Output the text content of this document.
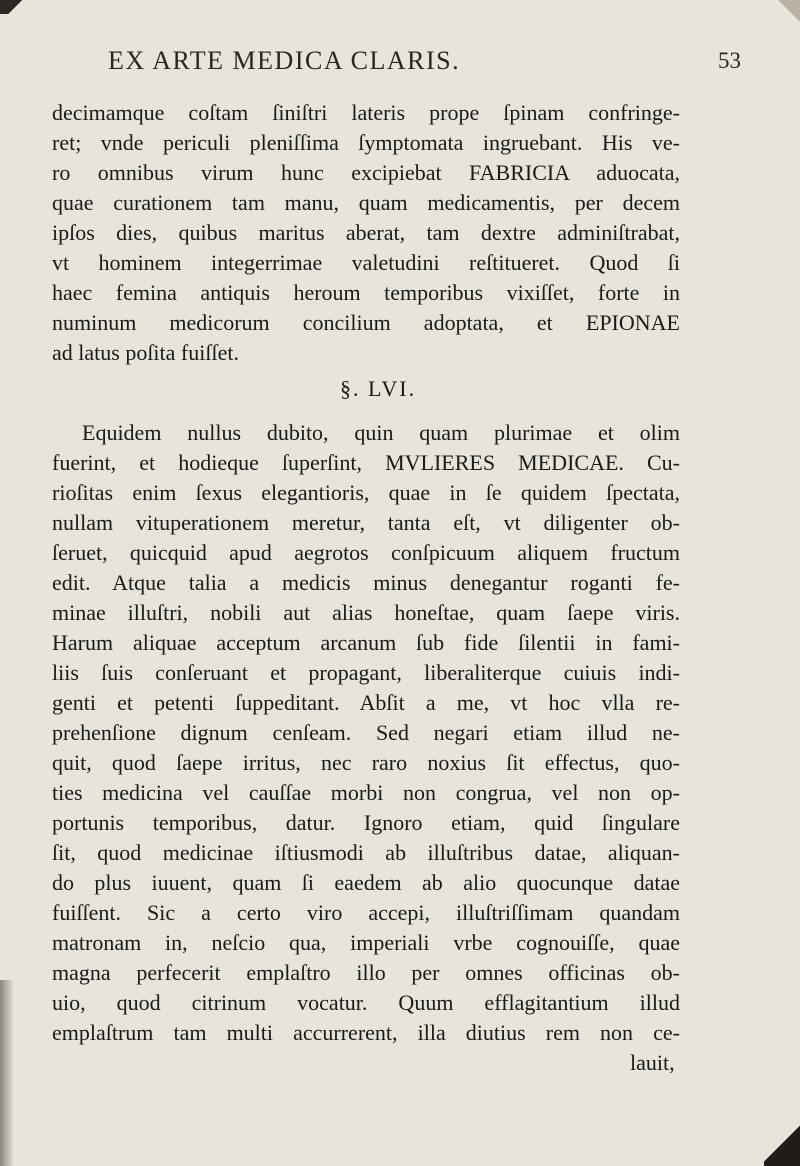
EX ARTE MEDICA CLARIS.	53
decimamque coſtam ſiniſtri lateris prope ſpinam confringe-
ret; vnde periculi pleniſſima ſymptomata ingruebant. His ve-
ro omnibus virum hunc excipiebat FABRICIA aduocata,
quae curationem tam manu, quam medicamentis, per decem
ipſos dies, quibus maritus aberat, tam dextre adminiſtrabat,
vt hominem integerrimae valetudini reſtitueret. Quod ſi
haec femina antiquis heroum temporibus vixiſſet, forte in
numinum medicorum concilium adoptata, et EPIONAE
ad latus poſita fuiſſet.
§. LVI.
Equidem nullus dubito, quin quam plurimae et olim
fuerint, et hodieque ſuperſint, MVLIERES MEDICAE. Cu-
rioſitas enim ſexus elegantioris, quae in ſe quidem ſpectata,
nullam vituperationem meretur, tanta eſt, vt diligenter ob-
ſeruet, quicquid apud aegrotos conſpicuum aliquem fructum
edit. Atque talia a medicis minus denegantur roganti fe-
minae illuſtri, nobili aut alias honeſtae, quam ſaepe viris.
Harum aliquae acceptum arcanum ſub fide ſilentii in fami-
liis ſuis conſeruant et propagant, liberaliterque cuiuis indi-
genti et petenti ſuppeditant. Abſit a me, vt hoc vlla re-
prehenſione dignum cenſeam. Sed negari etiam illud ne-
quit, quod ſaepe irritus, nec raro noxius ſit effectus, quo-
ties medicina vel cauſſae morbi non congrua, vel non op-
portunis temporibus, datur. Ignoro etiam, quid ſingulare
ſit, quod medicinae iſtiusmodi ab illuſtribus datae, aliquan-
do plus iuuent, quam ſi eaedem ab alio quocunque datae
fuiſſent. Sic a certo viro accepi, illuſtriſſimam quandam
matronam in, neſcio qua, imperiali vrbe cognouiſſe, quae
magna perfecerit emplaſtro illo per omnes officinas ob-
uio, quod citrinum vocatur. Quum efflagitantium illud
emplaſtrum tam multi accurrerent, illa diutius rem non ce-
lauit,
